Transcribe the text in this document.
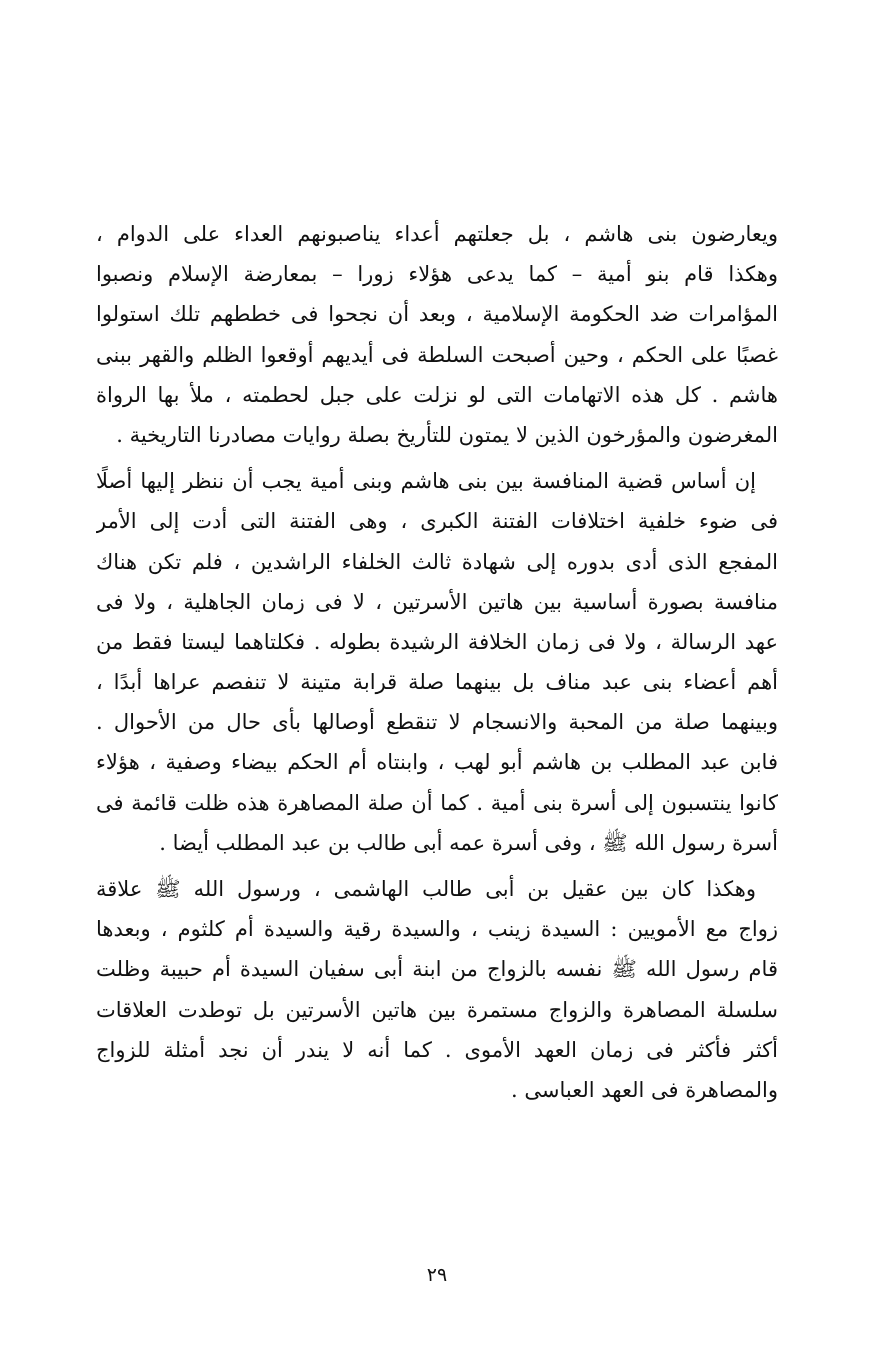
ويعارضون بنى هاشم ، بل جعلتهم أعداء يناصبونهم العداء على الدوام ،
وهكذا قام بنو أمية – كما يدعى هؤلاء زورا – بمعارضة الإسلام ونصبوا
المؤامرات ضد الحكومة الإسلامية ، وبعد أن نجحوا فى خططهم تلك استولوا
غصبًا على الحكم ، وحين أصبحت السلطة فى أيديهم أوقعوا الظلم والقهر ببنى
هاشم . كل هذه الاتهامات التى لو نزلت على جبل لحطمته ، ملأ بها الرواة
المغرضون والمؤرخون الذين لا يمتون للتأريخ بصلة روايات مصادرنا التاريخية .
إن أساس قضية المنافسة بين بنى هاشم وبنى أمية يجب أن ننظر إليها أصلًا
فى ضوء خلفية اختلافات الفتنة الكبرى ، وهى الفتنة التى أدت إلى الأمر
المفجع الذى أدى بدوره إلى شهادة ثالث الخلفاء الراشدين ، فلم تكن هناك
منافسة بصورة أساسية بين هاتين الأسرتين ، لا فى زمان الجاهلية ، ولا فى
عهد الرسالة ، ولا فى زمان الخلافة الرشيدة بطوله . فكلتاهما ليستا فقط من
أهم أعضاء بنى عبد مناف بل بينهما صلة قرابة متينة لا تنفصم عراها أبدًا ،
وبينهما صلة من المحبة والانسجام لا تنقطع أوصالها بأى حال من الأحوال .
فابن عبد المطلب بن هاشم أبو لهب ، وابنتاه أم الحكم بيضاء وصفية ، هؤلاء
كانوا ينتسبون إلى أسرة بنى أمية . كما أن صلة المصاهرة هذه ظلت قائمة فى
أسرة رسول الله ﷺ ، وفى أسرة عمه أبى طالب بن عبد المطلب أيضا .
وهكذا كان بين عقيل بن أبى طالب الهاشمى ، ورسول الله ﷺ علاقة
زواج مع الأمويين : السيدة زينب ، والسيدة رقية والسيدة أم كلثوم ، وبعدها
قام رسول الله ﷺ نفسه بالزواج من ابنة أبى سفيان السيدة أم حبيبة وظلت
سلسلة المصاهرة والزواج مستمرة بين هاتين الأسرتين بل توطدت العلاقات
أكثر فأكثر فى زمان العهد الأموى . كما أنه لا يندر أن نجد أمثلة للزواج
والمصاهرة فى العهد العباسى .
٢٩
